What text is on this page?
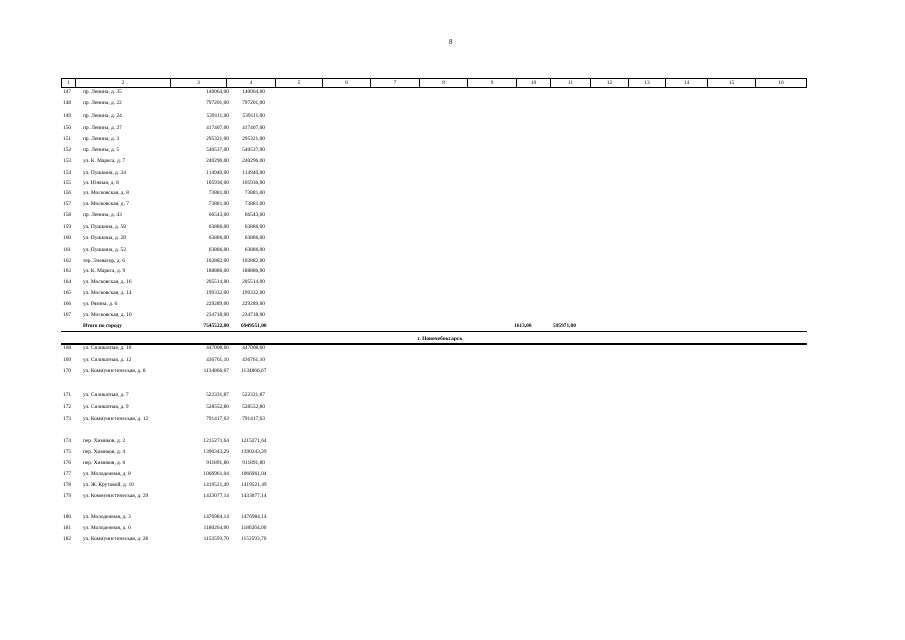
8
1	2	3	4	5	6	7	8	9	10	11	12	13	14	15	16
147	пр. Ленина, д. 35	140064,00 140064,00
148	пр. Ленина, д. 22	797201,00 797201,00
149	пр. Ленина, д. 24	539111,00 539111,00
150	пр. Ленина, д. 27	417407,00 417407,00
151	пр. Ленина, д. 3	295321,00 295321,00
152	пр. Ленина, д. 5	540537,00 540537,00
153	ул. К. Маркса, д. 7	240296,00 240296,00
154	ул. Пушкина, д. 34	114940,00 114940,00
155	ул. Южная, д. 8	105936,00 105936,00
156	ул. Московская, д. 8	73881,00	73881,00
157	ул. Московская, д. 7	73881,00	73881,00
158	пр. Ленина, д. 43	66543,00	66543,00
159	ул. Пушкина, д. 58	63886,00	63886,00
160	ул. Пушкина, д. 28	63886,00	63886,00
161	ул. Пушкина, д. 52	63886,00	63886,00
162	тер. Элеватор, д. 6	102882,00 102882,00
163	ул. К. Маркса, д. 9	188886,00 188886,00
164	ул. Московская, д. 16	205514,00 205514,00
165	ул. Московская, д. 14	199332,00 199332,00
166	ул. Рязина, д. 6	229289,00 229289,00
167	ул. Московская, д. 10	234718,00 234718,00
Итого по городу	7545522,00 6949551,00	1613,00	595971,00
г. Новочебоксарск
168	ул. Силикатная, д. 10	447008,60 447008,60
169	ул. Силикатная, д. 12	436761,10 436761,10
170	ул. Коммунистическая, д. 8	1134866,67 1134866,67
171	ул. Силикатная, д. 7	522331,87 522331,87
172	ул. Силикатная, д. 9	528552,80 528552,80
173	ул. Коммунистическая, д. 12	791417,63 791417,63
174	пер. Химиков, д. 2	1215271,64 1215271,64
175	пер. Химиков, д. 4	1390343,29 1390343,29
176	пер. Химиков, д. 6	911891,80 911891,80
177	ул. Молодежная, д. 8	1066961,04 1066961,04
178	ул. Ж. Крутовой, д. 10	1419521,49 1419521,49
179	ул. Коммунистическая, д. 29	1433077,14 1433077,14
180	ул. Молодежная, д. 3	1476984,14 1476984,14
181	ул. Молодежная, д. 6	1180264,00 1180264,00
182	ул. Коммунистическая, д. 28	1153593,70 1153593,70
